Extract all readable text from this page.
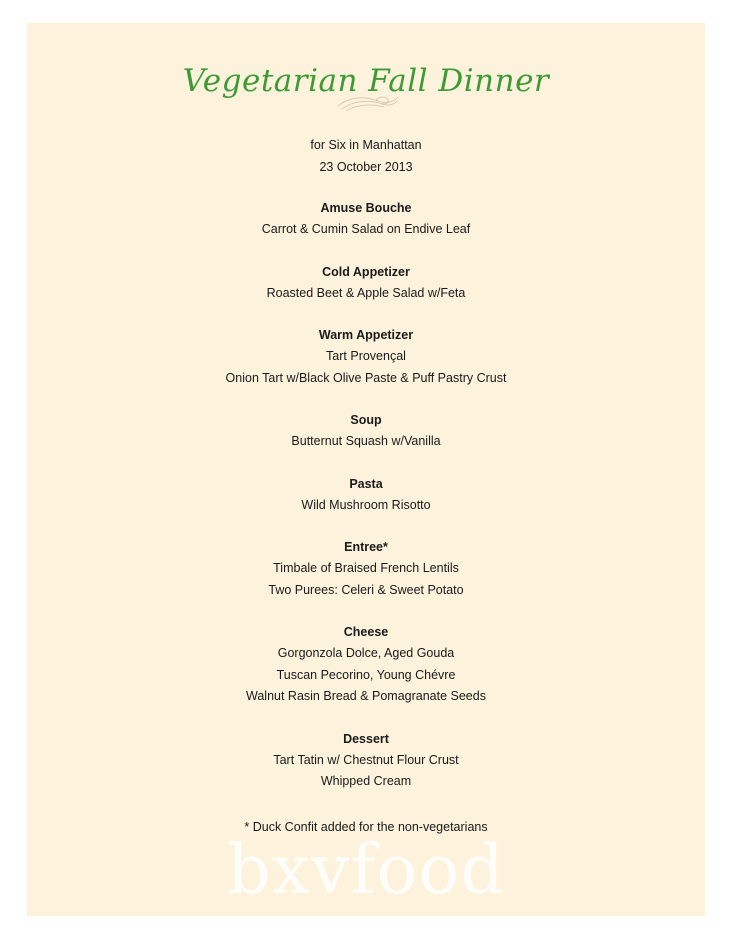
Vegetarian Fall Dinner
for Six in Manhattan
23 October 2013
Amuse Bouche
Carrot & Cumin Salad on Endive Leaf
Cold Appetizer
Roasted Beet & Apple Salad w/Feta
Warm Appetizer
Tart Provençal
Onion Tart w/Black Olive Paste & Puff Pastry Crust
Soup
Butternut Squash w/Vanilla
Pasta
Wild Mushroom Risotto
Entree*
Timbale of Braised French Lentils
Two Purees: Celeri & Sweet Potato
Cheese
Gorgonzola Dolce, Aged Gouda
Tuscan Pecorino, Young Chévre
Walnut Rasin Bread & Pomagranate Seeds
Dessert
Tart Tatin w/ Chestnut Flour Crust
Whipped Cream
* Duck Confit added for the non-vegetarians
bxvfood
